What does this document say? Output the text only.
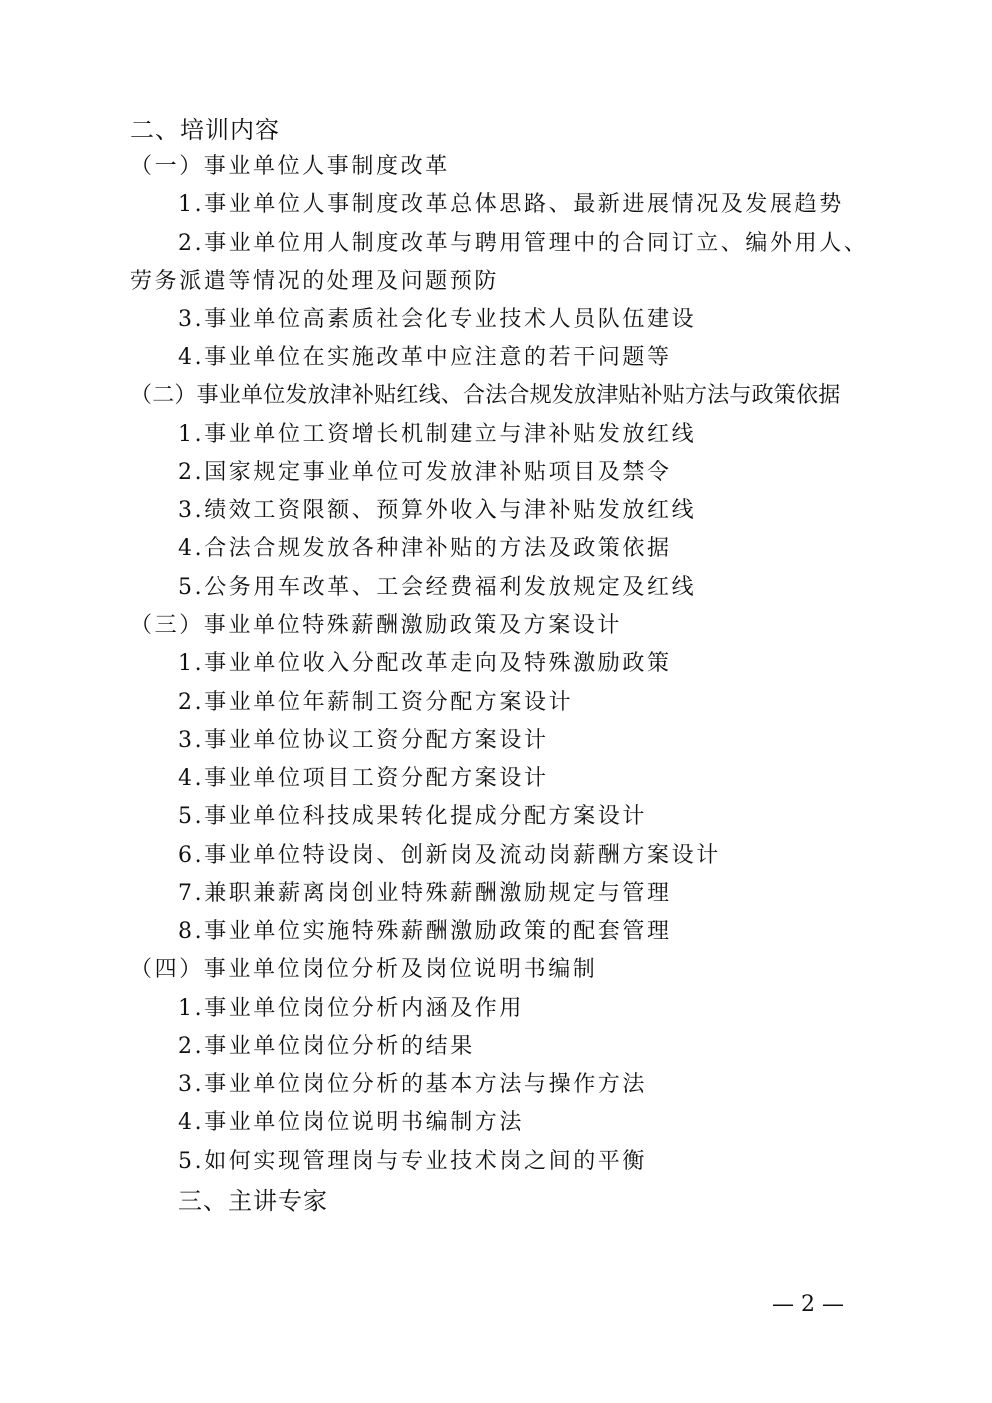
二、培训内容
（一）事业单位人事制度改革
1.事业单位人事制度改革总体思路、最新进展情况及发展趋势
2.事业单位用人制度改革与聘用管理中的合同订立、编外用人、
劳务派遣等情况的处理及问题预防
3.事业单位高素质社会化专业技术人员队伍建设
4.事业单位在实施改革中应注意的若干问题等
（二）事业单位发放津补贴红线、合法合规发放津贴补贴方法与政策依据
1.事业单位工资增长机制建立与津补贴发放红线
2.国家规定事业单位可发放津补贴项目及禁令
3.绩效工资限额、预算外收入与津补贴发放红线
4.合法合规发放各种津补贴的方法及政策依据
5.公务用车改革、工会经费福利发放规定及红线
（三）事业单位特殊薪酬激励政策及方案设计
1.事业单位收入分配改革走向及特殊激励政策
2.事业单位年薪制工资分配方案设计
3.事业单位协议工资分配方案设计
4.事业单位项目工资分配方案设计
5.事业单位科技成果转化提成分配方案设计
6.事业单位特设岗、创新岗及流动岗薪酬方案设计
7.兼职兼薪离岗创业特殊薪酬激励规定与管理
8.事业单位实施特殊薪酬激励政策的配套管理
（四）事业单位岗位分析及岗位说明书编制
1.事业单位岗位分析内涵及作用
2.事业单位岗位分析的结果
3.事业单位岗位分析的基本方法与操作方法
4.事业单位岗位说明书编制方法
5.如何实现管理岗与专业技术岗之间的平衡
三、主讲专家
— 2 —
